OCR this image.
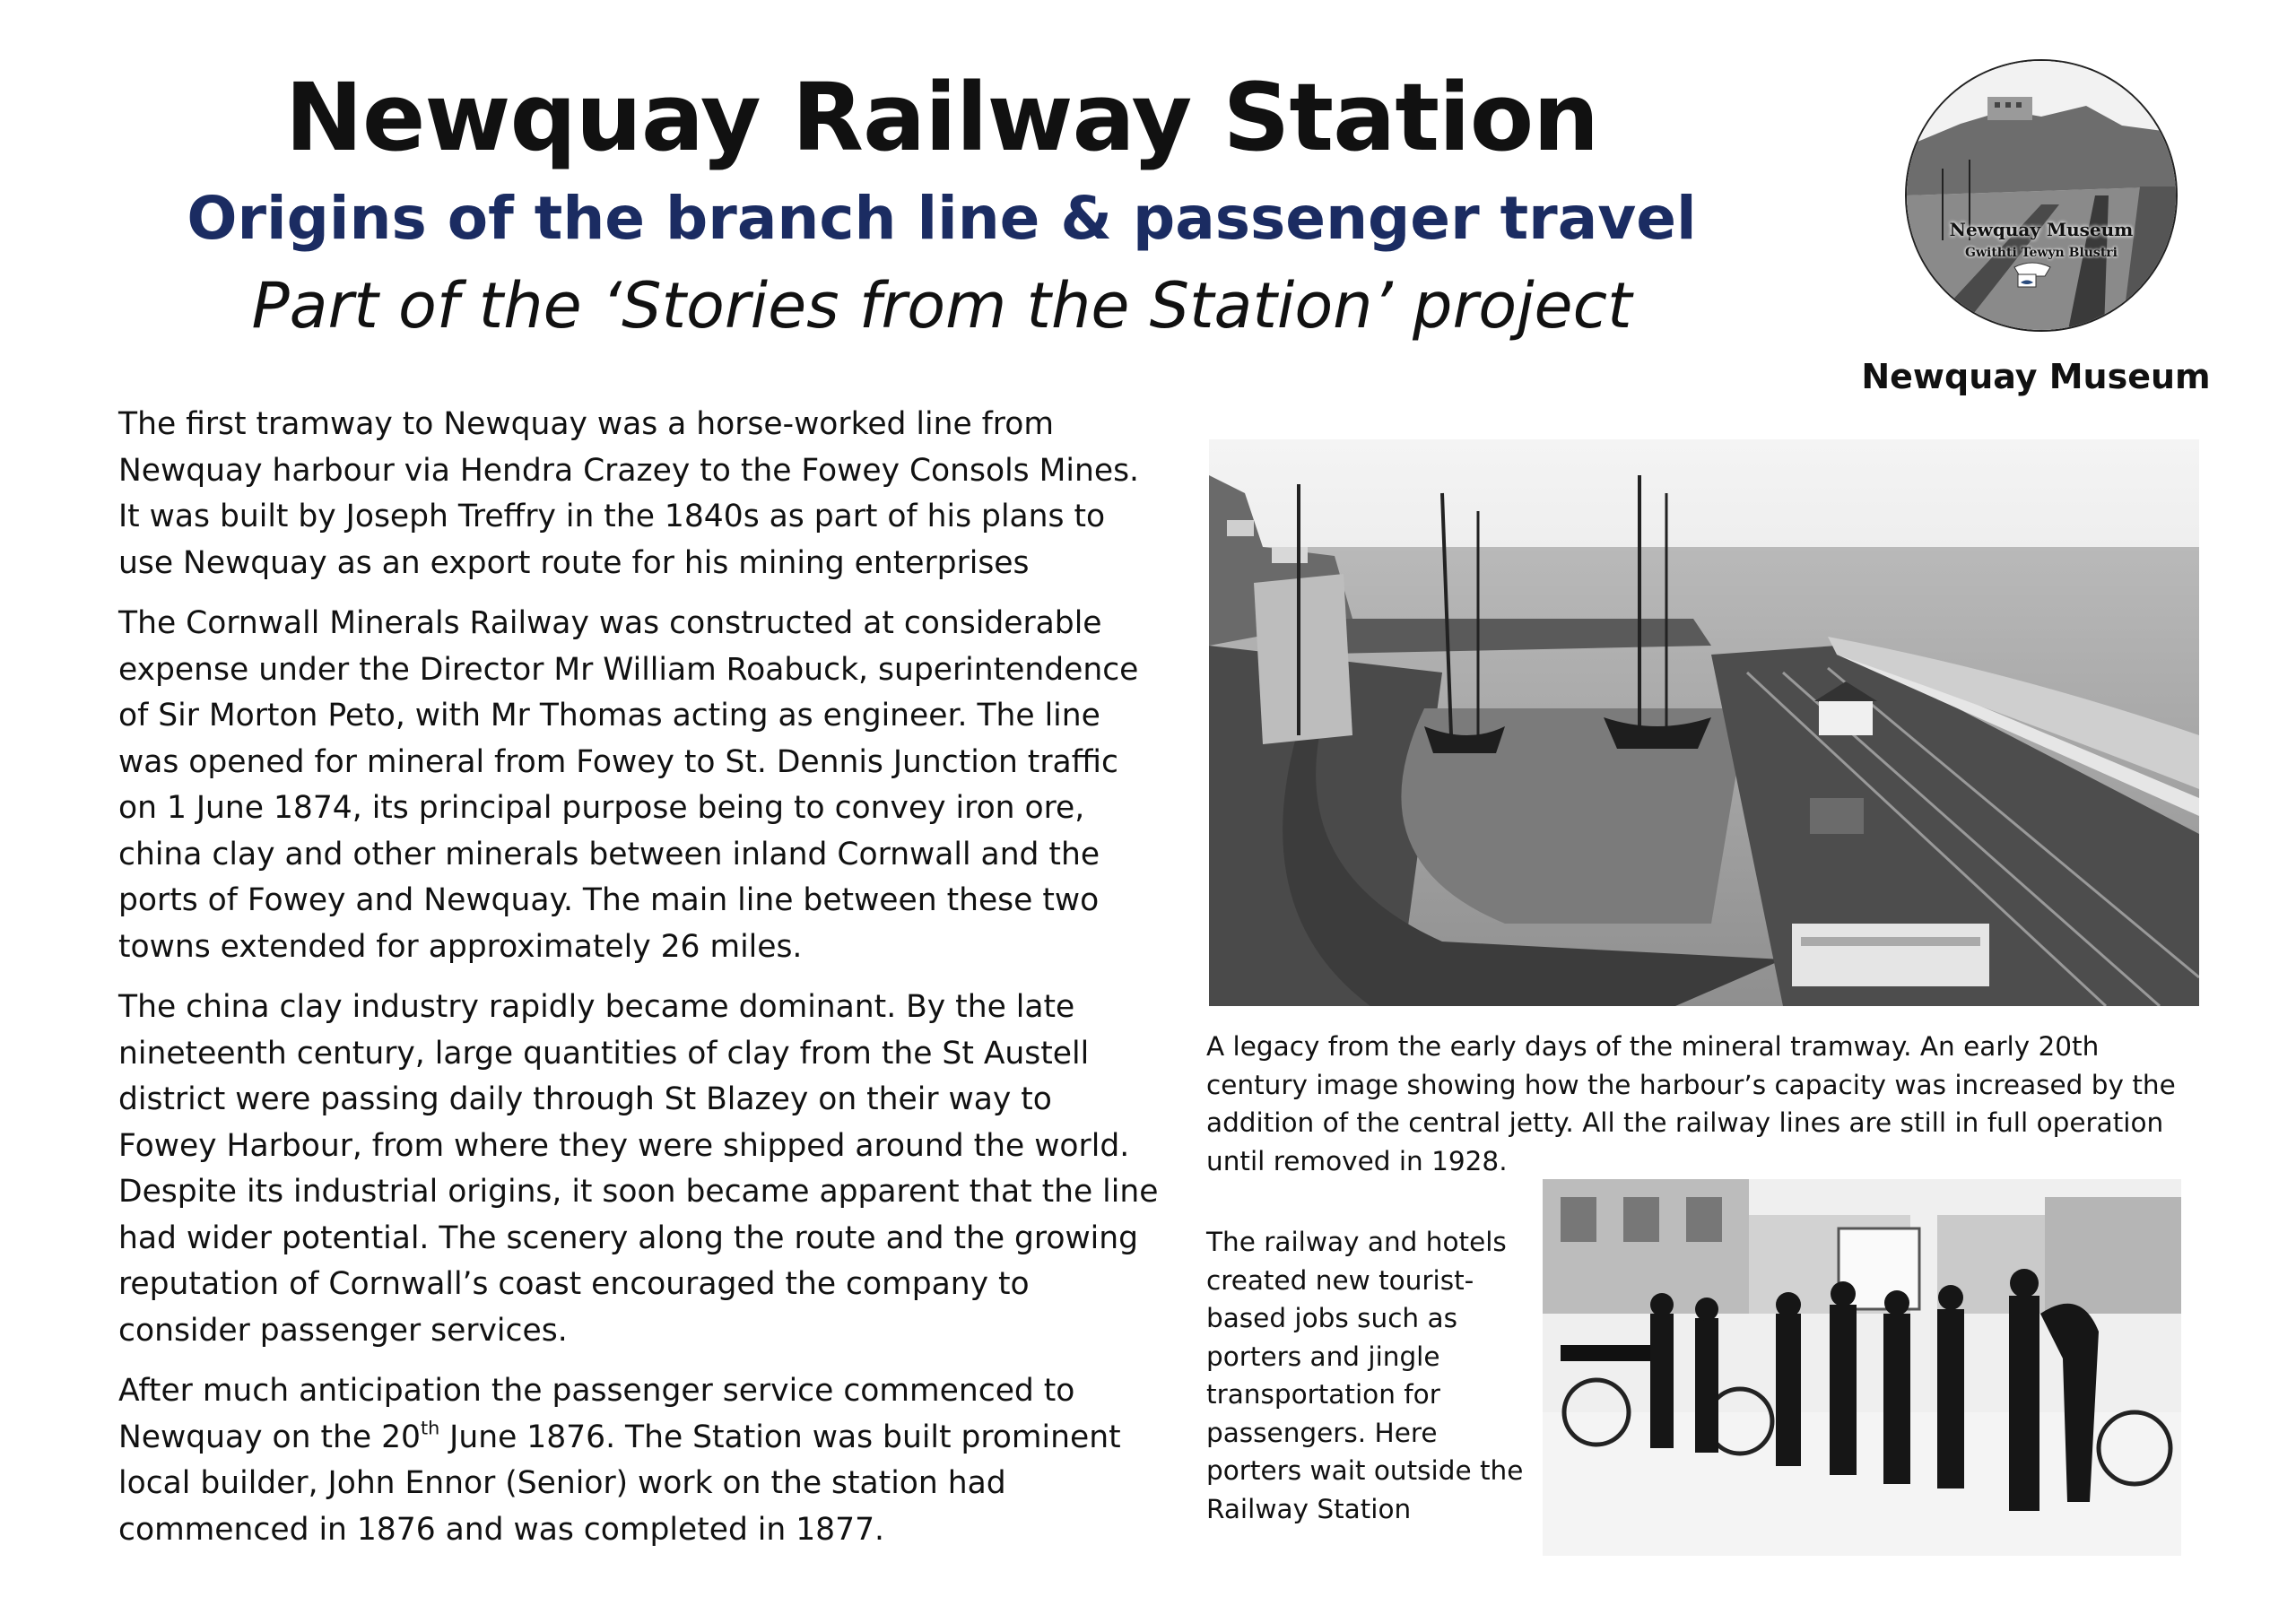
Newquay Railway Station
Origins of the branch line & passenger travel
Part of the ‘Stories from the Station’ project
Newquay Museum
Gwithti Tewyn Blustri
Newquay Museum

The first tramway to Newquay was a horse-worked line from Newquay harbour via Hendra Crazey to the Fowey Consols Mines. It was built by Joseph Treffry in the 1840s as part of his plans to use Newquay as an export route for his mining enterprises

The Cornwall Minerals Railway was constructed at considerable expense under the Director Mr William Roabuck, superintendence of Sir Morton Peto, with Mr Thomas acting as engineer. The line was opened for mineral from Fowey to St. Dennis Junction traffic on 1 June 1874, its principal purpose being to convey iron ore, china clay and other minerals between inland Cornwall and the ports of Fowey and Newquay. The main line between these two towns extended for approximately 26 miles.

The china clay industry rapidly became dominant. By the late nineteenth century, large quantities of clay from the St Austell district were passing daily through St Blazey on their way to Fowey Harbour, from where they were shipped around the world. Despite its industrial origins, it soon became apparent that the line had wider potential. The scenery along the route and the growing reputation of Cornwall’s coast encouraged the company to consider passenger services.

After much anticipation the passenger service commenced to Newquay on the 20th June 1876. The Station was built prominent local builder, John Ennor (Senior) work on the station had commenced in 1876 and was completed in 1877.

A legacy from the early days of the mineral tramway. An early 20th century image showing how the harbour’s capacity was increased by the addition of the central jetty. All the railway lines are still in full operation until removed in 1928.

The railway and hotels created new tourist-based jobs such as porters and jingle transportation for passengers. Here porters wait outside the Railway Station
